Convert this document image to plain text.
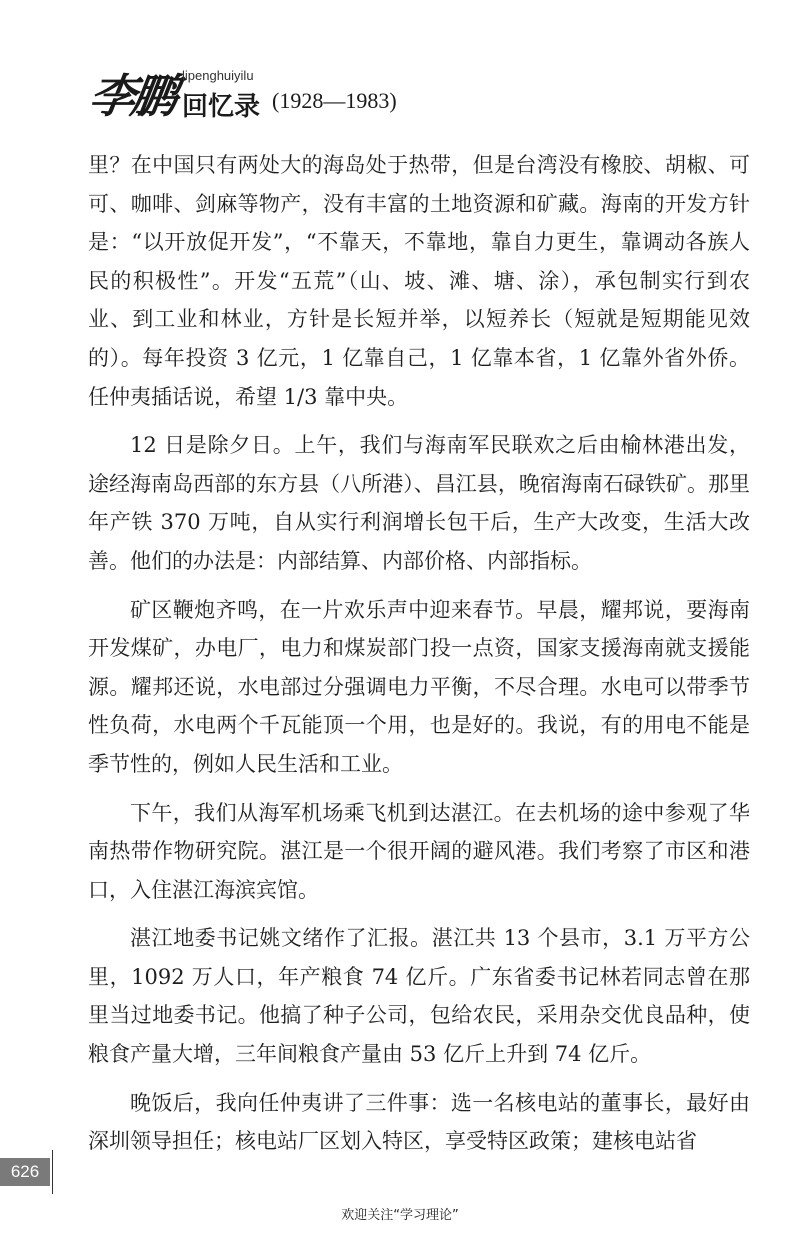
李鹏 lipenghuiyilu
回忆录 (1928—1983)

里？在中国只有两处大的海岛处于热带，但是台湾没有橡胶、胡椒、可可、咖啡、剑麻等物产，没有丰富的土地资源和矿藏。海南的开发方针是：“以开放促开发”，“不靠天，不靠地，靠自力更生，靠调动各族人民的积极性”。开发“五荒”（山、坡、滩、塘、涂），承包制实行到农业、到工业和林业，方针是长短并举，以短养长（短就是短期能见效的）。每年投资 3 亿元，1 亿靠自己，1 亿靠本省，1 亿靠外省外侨。任仲夷插话说，希望 1/3 靠中央。

12 日是除夕日。上午，我们与海南军民联欢之后由榆林港出发，途经海南岛西部的东方县（八所港）、昌江县，晚宿海南石碌铁矿。那里年产铁 370 万吨，自从实行利润增长包干后，生产大改变，生活大改善。他们的办法是：内部结算、内部价格、内部指标。

矿区鞭炮齐鸣，在一片欢乐声中迎来春节。早晨，耀邦说，要海南开发煤矿，办电厂，电力和煤炭部门投一点资，国家支援海南就支援能源。耀邦还说，水电部过分强调电力平衡，不尽合理。水电可以带季节性负荷，水电两个千瓦能顶一个用，也是好的。我说，有的用电不能是季节性的，例如人民生活和工业。

下午，我们从海军机场乘飞机到达湛江。在去机场的途中参观了华南热带作物研究院。湛江是一个很开阔的避风港。我们考察了市区和港口，入住湛江海滨宾馆。

湛江地委书记姚文绪作了汇报。湛江共 13 个县市，3.1 万平方公里，1092 万人口，年产粮食 74 亿斤。广东省委书记林若同志曾在那里当过地委书记。他搞了种子公司，包给农民，采用杂交优良品种，使粮食产量大增，三年间粮食产量由 53 亿斤上升到 74 亿斤。

晚饭后，我向任仲夷讲了三件事：选一名核电站的董事长，最好由深圳领导担任；核电站厂区划入特区，享受特区政策；建核电站省

626
欢迎关注“学习理论”
